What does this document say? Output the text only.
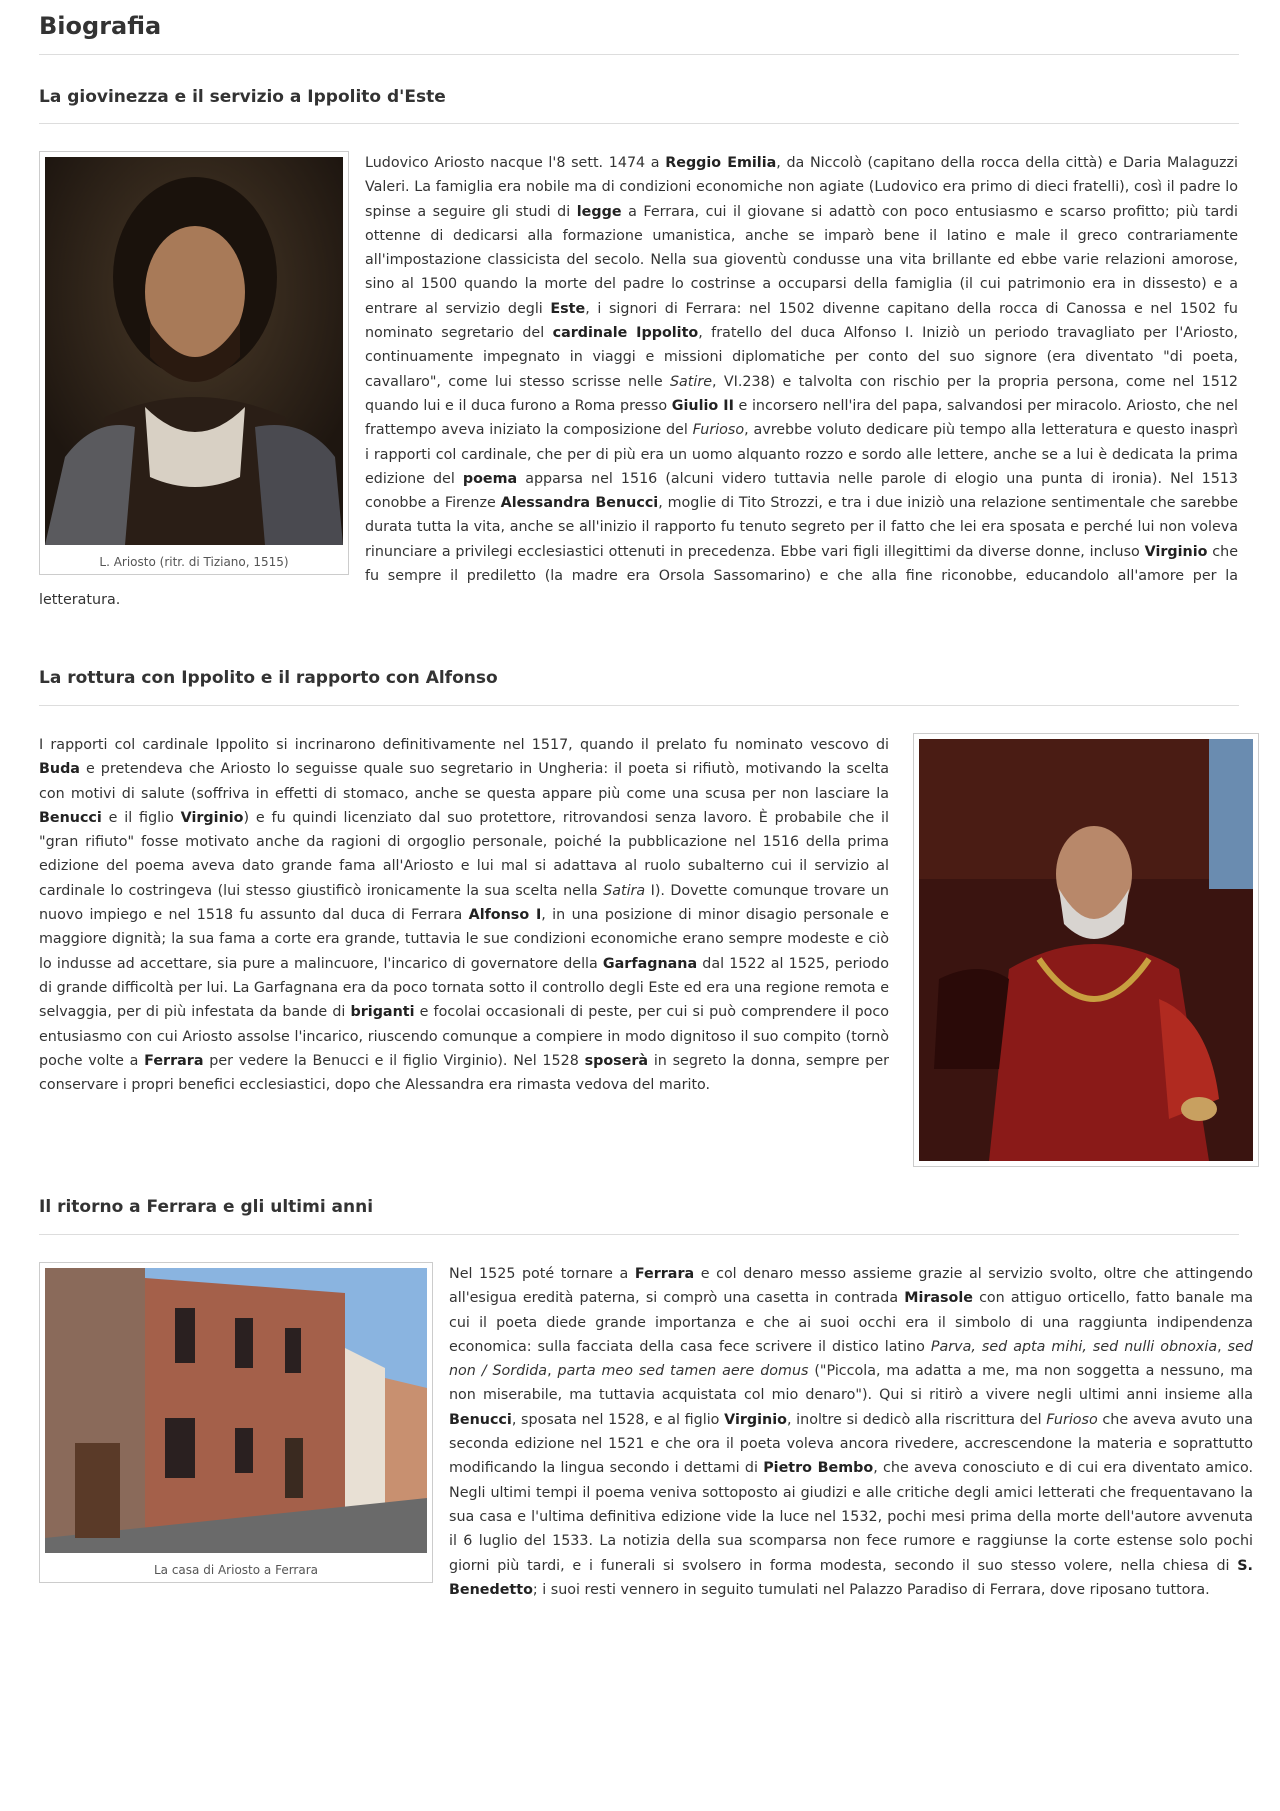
Biografia
La giovinezza e il servizio a Ippolito d'Este
L. Ariosto (ritr. di Tiziano, 1515)

Ludovico Ariosto nacque l'8 sett. 1474 a Reggio Emilia, da Niccolò (capitano della rocca della città) e Daria Malaguzzi Valeri. La famiglia era nobile ma di condizioni economiche non agiate (Ludovico era primo di dieci fratelli), così il padre lo spinse a seguire gli studi di legge a Ferrara, cui il giovane si adattò con poco entusiasmo e scarso profitto; più tardi ottenne di dedicarsi alla formazione umanistica, anche se imparò bene il latino e male il greco contrariamente all'impostazione classicista del secolo. Nella sua gioventù condusse una vita brillante ed ebbe varie relazioni amorose, sino al 1500 quando la morte del padre lo costrinse a occuparsi della famiglia (il cui patrimonio era in dissesto) e a entrare al servizio degli Este, i signori di Ferrara: nel 1502 divenne capitano della rocca di Canossa e nel 1502 fu nominato segretario del cardinale Ippolito, fratello del duca Alfonso I. Iniziò un periodo travagliato per l'Ariosto, continuamente impegnato in viaggi e missioni diplomatiche per conto del suo signore (era diventato "di poeta, cavallaro", come lui stesso scrisse nelle Satire, VI.238) e talvolta con rischio per la propria persona, come nel 1512 quando lui e il duca furono a Roma presso Giulio II e incorsero nell'ira del papa, salvandosi per miracolo. Ariosto, che nel frattempo aveva iniziato la composizione del Furioso, avrebbe voluto dedicare più tempo alla letteratura e questo inasprì i rapporti col cardinale, che per di più era un uomo alquanto rozzo e sordo alle lettere, anche se a lui è dedicata la prima edizione del poema apparsa nel 1516 (alcuni videro tuttavia nelle parole di elogio una punta di ironia). Nel 1513 conobbe a Firenze Alessandra Benucci, moglie di Tito Strozzi, e tra i due iniziò una relazione sentimentale che sarebbe durata tutta la vita, anche se all'inizio il rapporto fu tenuto segreto per il fatto che lei era sposata e perché lui non voleva rinunciare a privilegi ecclesiastici ottenuti in precedenza. Ebbe vari figli illegittimi da diverse donne, incluso Virginio che fu sempre il prediletto (la madre era Orsola Sassomarino) e che alla fine riconobbe, educandolo all'amore per la letteratura.

La rottura con Ippolito e il rapporto con Alfonso

I rapporti col cardinale Ippolito si incrinarono definitivamente nel 1517, quando il prelato fu nominato vescovo di Buda e pretendeva che Ariosto lo seguisse quale suo segretario in Ungheria: il poeta si rifiutò, motivando la scelta con motivi di salute (soffriva in effetti di stomaco, anche se questa appare più come una scusa per non lasciare la Benucci e il figlio Virginio) e fu quindi licenziato dal suo protettore, ritrovandosi senza lavoro. È probabile che il "gran rifiuto" fosse motivato anche da ragioni di orgoglio personale, poiché la pubblicazione nel 1516 della prima edizione del poema aveva dato grande fama all'Ariosto e lui mal si adattava al ruolo subalterno cui il servizio al cardinale lo costringeva (lui stesso giustificò ironicamente la sua scelta nella Satira I). Dovette comunque trovare un nuovo impiego e nel 1518 fu assunto dal duca di Ferrara Alfonso I, in una posizione di minor disagio personale e maggiore dignità; la sua fama a corte era grande, tuttavia le sue condizioni economiche erano sempre modeste e ciò lo indusse ad accettare, sia pure a malincuore, l'incarico di governatore della Garfagnana dal 1522 al 1525, periodo di grande difficoltà per lui. La Garfagnana era da poco tornata sotto il controllo degli Este ed era una regione remota e selvaggia, per di più infestata da bande di briganti e focolai occasionali di peste, per cui si può comprendere il poco entusiasmo con cui Ariosto assolse l'incarico, riuscendo comunque a compiere in modo dignitoso il suo compito (tornò poche volte a Ferrara per vedere la Benucci e il figlio Virginio). Nel 1528 sposerà in segreto la donna, sempre per conservare i propri benefici ecclesiastici, dopo che Alessandra era rimasta vedova del marito.

Il ritorno a Ferrara e gli ultimi anni
La casa di Ariosto a Ferrara

Nel 1525 poté tornare a Ferrara e col denaro messo assieme grazie al servizio svolto, oltre che attingendo all'esigua eredità paterna, si comprò una casetta in contrada Mirasole con attiguo orticello, fatto banale ma cui il poeta diede grande importanza e che ai suoi occhi era il simbolo di una raggiunta indipendenza economica: sulla facciata della casa fece scrivere il distico latino Parva, sed apta mihi, sed nulli obnoxia, sed non / Sordida, parta meo sed tamen aere domus ("Piccola, ma adatta a me, ma non soggetta a nessuno, ma non miserabile, ma tuttavia acquistata col mio denaro"). Qui si ritirò a vivere negli ultimi anni insieme alla Benucci, sposata nel 1528, e al figlio Virginio, inoltre si dedicò alla riscrittura del Furioso che aveva avuto una seconda edizione nel 1521 e che ora il poeta voleva ancora rivedere, accrescendone la materia e soprattutto modificando la lingua secondo i dettami di Pietro Bembo, che aveva conosciuto e di cui era diventato amico. Negli ultimi tempi il poema veniva sottoposto ai giudizi e alle critiche degli amici letterati che frequentavano la sua casa e l'ultima definitiva edizione vide la luce nel 1532, pochi mesi prima della morte dell'autore avvenuta il 6 luglio del 1533. La notizia della sua scomparsa non fece rumore e raggiunse la corte estense solo pochi giorni più tardi, e i funerali si svolsero in forma modesta, secondo il suo stesso volere, nella chiesa di S. Benedetto; i suoi resti vennero in seguito tumulati nel Palazzo Paradiso di Ferrara, dove riposano tuttora.
